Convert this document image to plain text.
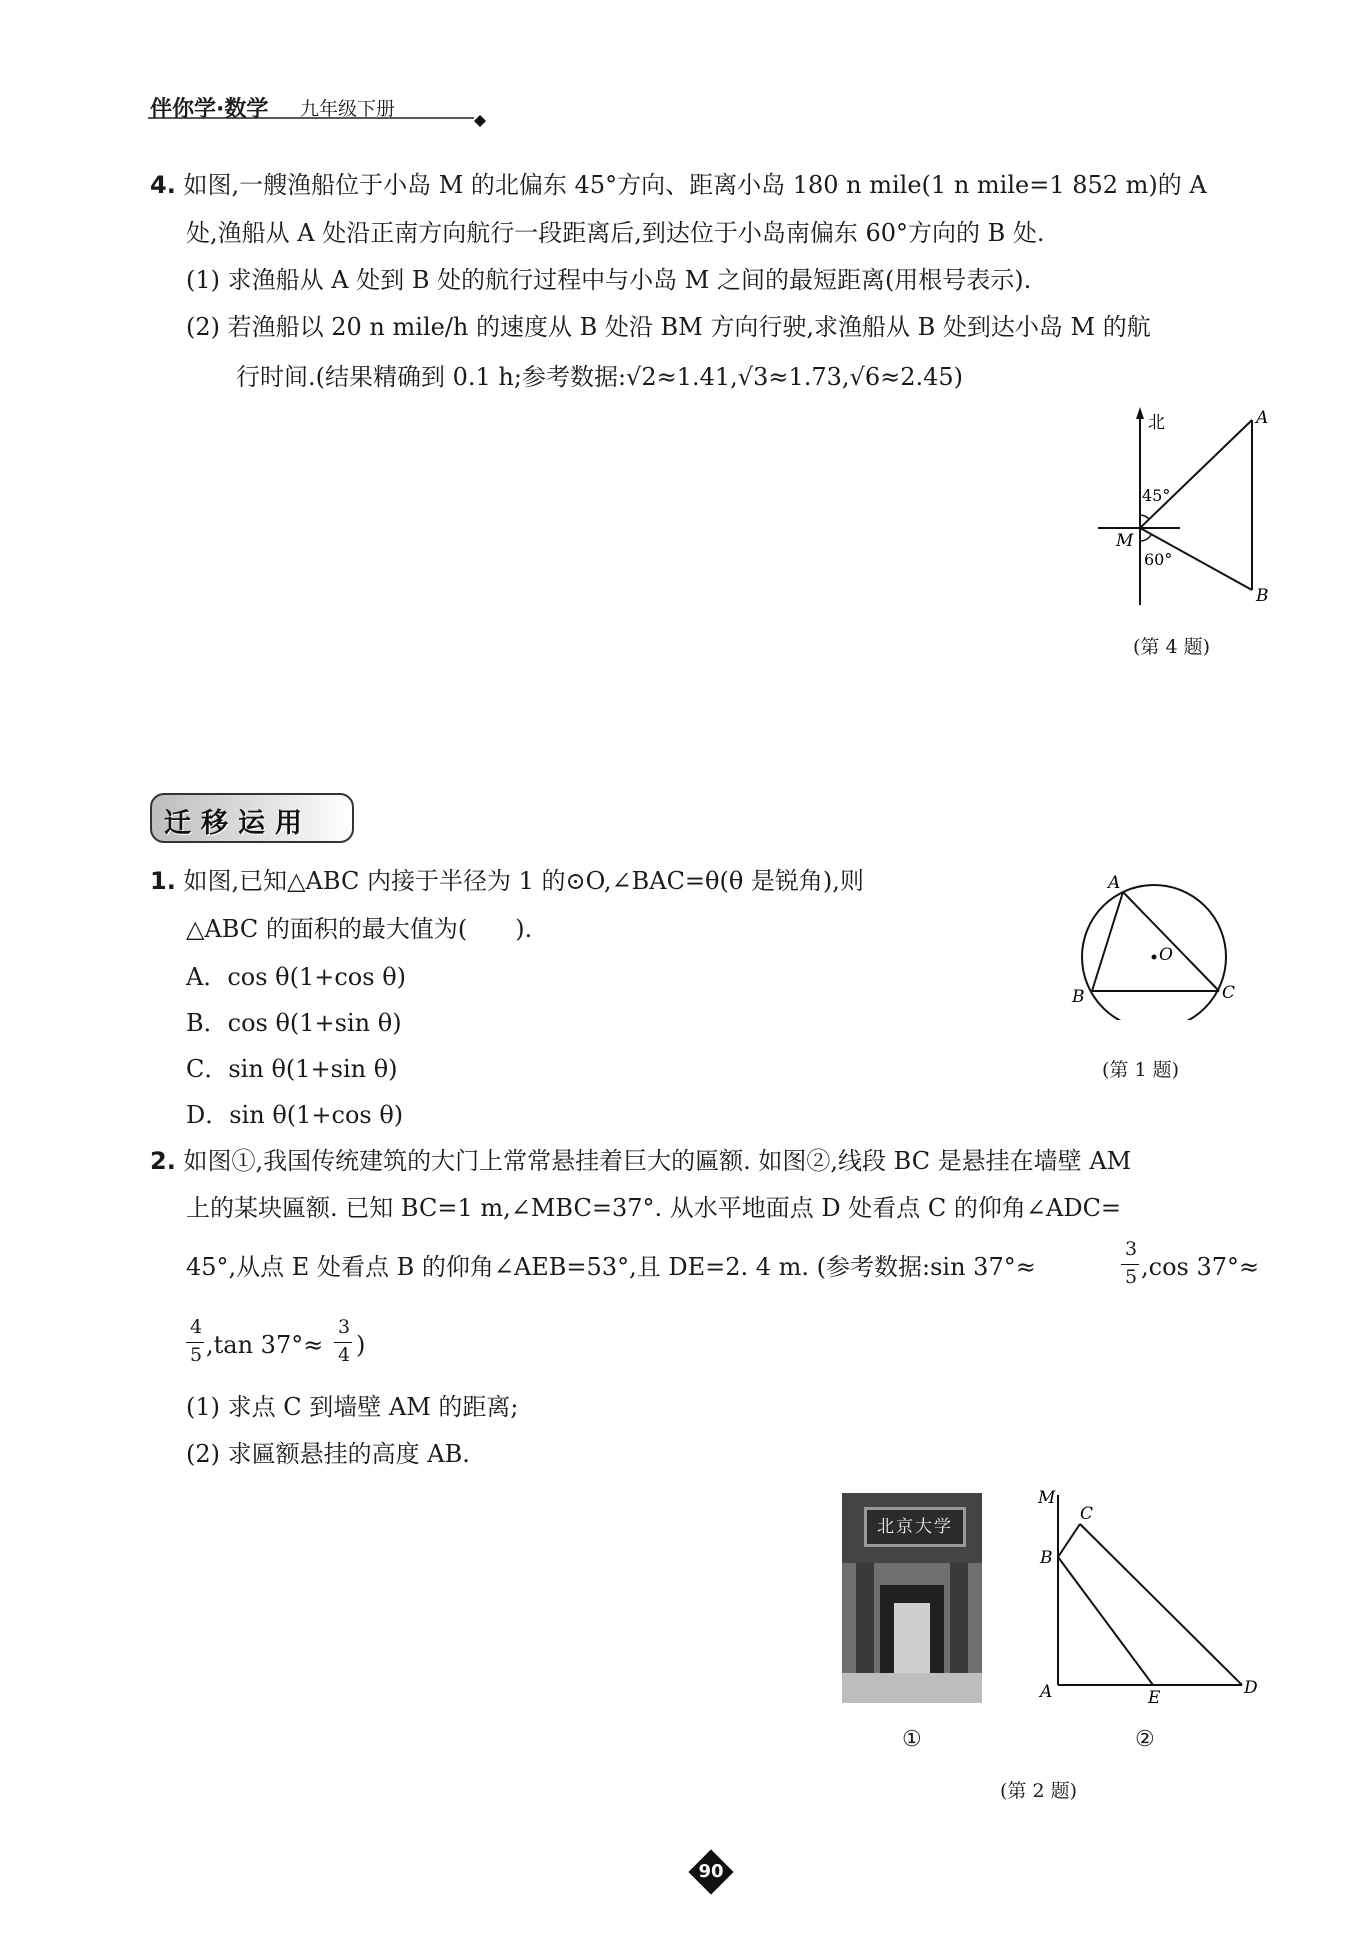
伴你学·数学 九年级下册
4. 如图,一艘渔船位于小岛 M 的北偏东 45°方向、距离小岛 180 n mile(1 n mile=1 852 m)的 A
处,渔船从 A 处沿正南方向航行一段距离后,到达位于小岛南偏东 60°方向的 B 处.
(1) 求渔船从 A 处到 B 处的航行过程中与小岛 M 之间的最短距离(用根号表示).
(2) 若渔船以 20 n mile/h 的速度从 B 处沿 BM 方向行驶,求渔船从 B 处到达小岛 M 的航
行时间.(结果精确到 0.1 h;参考数据:√2≈1.41,√3≈1.73,√6≈2.45)
北	A
B
M
45°
60°
(第 4 题)
迁移运用
1. 如图,已知△ABC 内接于半径为 1 的⊙O,∠BAC=θ(θ 是锐角),则
△ABC 的面积的最大值为(　　).
A．cos θ(1+cos θ)
B．cos θ(1+sin θ)
C．sin θ(1+sin θ)
D．sin θ(1+cos θ)
A
B	C
O
(第 1 题)
2. 如图①,我国传统建筑的大门上常常悬挂着巨大的匾额. 如图②,线段 BC 是悬挂在墙壁 AM
上的某块匾额. 已知 BC=1 m,∠MBC=37°. 从水平地面点 D 处看点 C 的仰角∠ADC=
45°,从点 E 处看点 B 的仰角∠AEB=53°,且 DE=2. 4 m. (参考数据:sin 37°≈
3
5 ,cos 37°≈
4
5 ,tan 37°≈
3
4 )
(1) 求点 C 到墙壁 AM 的距离;
(2) 求匾额悬挂的高度 AB.
北京大学
M
C
B
A	E	D
①	②
(第 2 题)
90
